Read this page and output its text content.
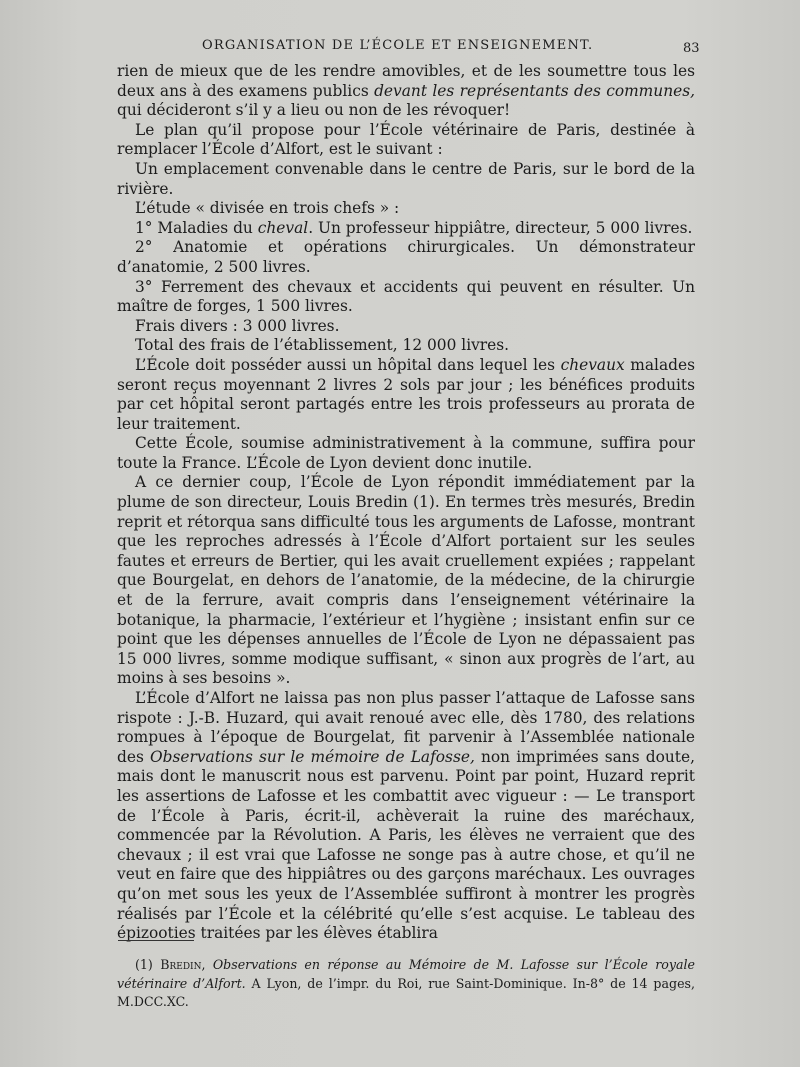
ORGANISATION DE L’ÉCOLE ET ENSEIGNEMENT.	83

rien de mieux que de les rendre amovibles, et de les soumettre tous les deux ans à des examens publics devant les représentants des communes, qui décideront s’il y a lieu ou non de les révoquer!

Le plan qu’il propose pour l’École vétérinaire de Paris, destinée à remplacer l’École d’Alfort, est le suivant :

Un emplacement convenable dans le centre de Paris, sur le bord de la rivière.

L’étude « divisée en trois chefs » :

1° Maladies du cheval. Un professeur hippiâtre, directeur, 5 000 livres.

2° Anatomie et opérations chirurgicales. Un démonstrateur d’anatomie, 2 500 livres.

3° Ferrement des chevaux et accidents qui peuvent en résulter. Un maître de forges, 1 500 livres.

Frais divers : 3 000 livres.

Total des frais de l’établissement, 12 000 livres.

L’École doit posséder aussi un hôpital dans lequel les chevaux malades seront reçus moyennant 2 livres 2 sols par jour ; les bénéfices produits par cet hôpital seront partagés entre les trois professeurs au prorata de leur traitement.

Cette École, soumise administrativement à la commune, suffira pour toute la France. L’École de Lyon devient donc inutile.

A ce dernier coup, l’École de Lyon répondit immédiatement par la plume de son directeur, Louis Bredin (1). En termes très mesurés, Bredin reprit et rétorqua sans difficulté tous les arguments de Lafosse, montrant que les reproches adressés à l’École d’Alfort portaient sur les seules fautes et erreurs de Bertier, qui les avait cruellement expiées ; rappelant que Bourgelat, en dehors de l’anatomie, de la médecine, de la chirurgie et de la ferrure, avait compris dans l’enseignement vétérinaire la botanique, la pharmacie, l’extérieur et l’hygiène ; insistant enfin sur ce point que les dépenses annuelles de l’École de Lyon ne dépassaient pas 15 000 livres, somme modique suffisant, « sinon aux progrès de l’art, au moins à ses besoins ».

L’École d’Alfort ne laissa pas non plus passer l’attaque de Lafosse sans rispote : J.-B. Huzard, qui avait renoué avec elle, dès 1780, des relations rompues à l’époque de Bourgelat, fit parvenir à l’Assemblée nationale des Observations sur le mémoire de Lafosse, non imprimées sans doute, mais dont le manuscrit nous est parvenu. Point par point, Huzard reprit les assertions de Lafosse et les combattit avec vigueur : — Le transport de l’École à Paris, écrit-il, achèverait la ruine des maréchaux, commencée par la Révolution. A Paris, les élèves ne verraient que des chevaux ; il est vrai que Lafosse ne songe pas à autre chose, et qu’il ne veut en faire que des hippiâtres ou des garçons maréchaux. Les ouvrages qu’on met sous les yeux de l’Assemblée suffiront à montrer les progrès réalisés par l’École et la célébrité qu’elle s’est acquise. Le tableau des épizooties traitées par les élèves établira

(1) Bredin, Observations en réponse au Mémoire de M. Lafosse sur l’École royale vétérinaire d’Alfort. A Lyon, de l’impr. du Roi, rue Saint-Dominique. In-8° de 14 pages, M.DCC.XC.
